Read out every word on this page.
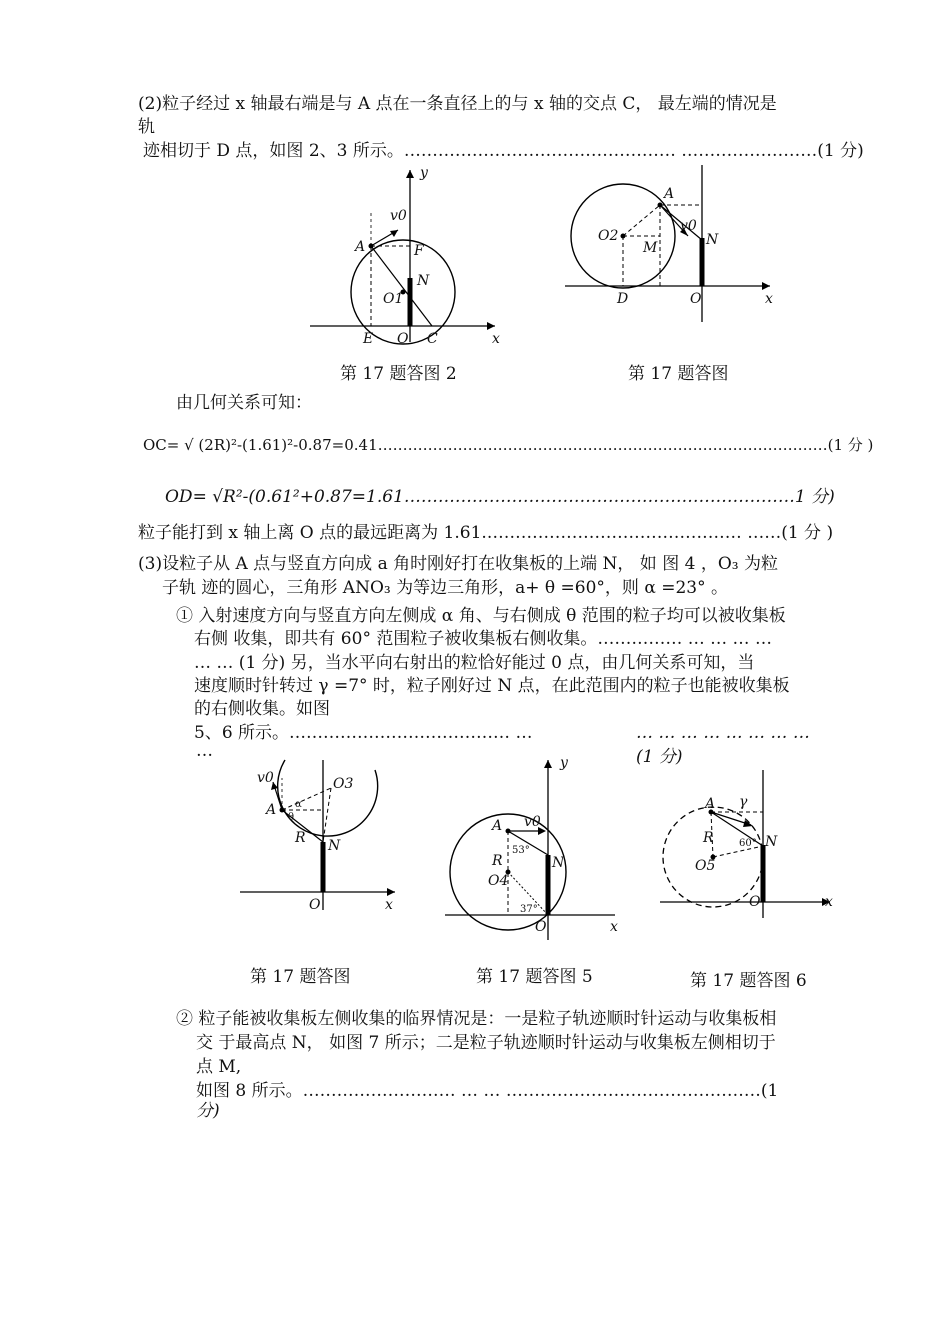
(2)粒子经过 x 轴最右端是与 A 点在一条直径上的与 x 轴的交点 C， 最左端的情况是
轨
迹相切于 D 点，如图 2、3 所示。………………………………………… ……………………(1 分)
y
v0
A	F
N
O1
E O C	x
第 17 题答图 2
A
v0
O2
M	N
D	O	x
第 17 题答图
由几何关系可知：
OC= √ (2R)²-(1.61)²-0.87=0.41………………………………………………………………………………(1 分 )
OD= √R²-(0.61²+0.87=1.61……………………………………………………………1 分)
粒子能打到 x 轴上离 O 点的最远距离为 1.61.……………………………………… ……(1 分 )
(3)设粒子从 A 点与竖直方向成 a 角时刚好打在收集板的上端 N， 如 图 4 ，O₃ 为粒
子轨 迹的圆心，三角形 ANO₃ 为等边三角形，a+ θ =60°，则 α =23° 。
① 入射速度方向与竖直方向左侧成 α 角、与右侧成 θ 范围的粒子均可以被收集板
右侧 收集，即共有 60° 范围粒子被收集板右侧收集。…………… … … … …
… … (1 分) 另，当水平向右射出的粒恰好能过 0 点，由几何关系可知，当
速度顺时针转过 γ =7° 时，粒子刚好过 N 点，在此范围内的粒子也能被收集板
的右侧收集。如图
5、6 所示。………………………………… …	… … … … … … … …
…	(1 分)
v0	O3
A α
θ
R N
O	x
第 17 题答图
y
A v0
53°
N
R
O4
37°
O	x
第 17 题答图 5
A γ
R	60° N
O5
O	x
第 17 题答图 6
② 粒子能被收集板左侧收集的临界情况是：一是粒子轨迹顺时针运动与收集板相
交 于最高点 N， 如图 7 所示；二是粒子轨迹顺时针运动与收集板左侧相切于
点 M,
如图 8 所示。……………………… … … ………………………………………(1
分)
